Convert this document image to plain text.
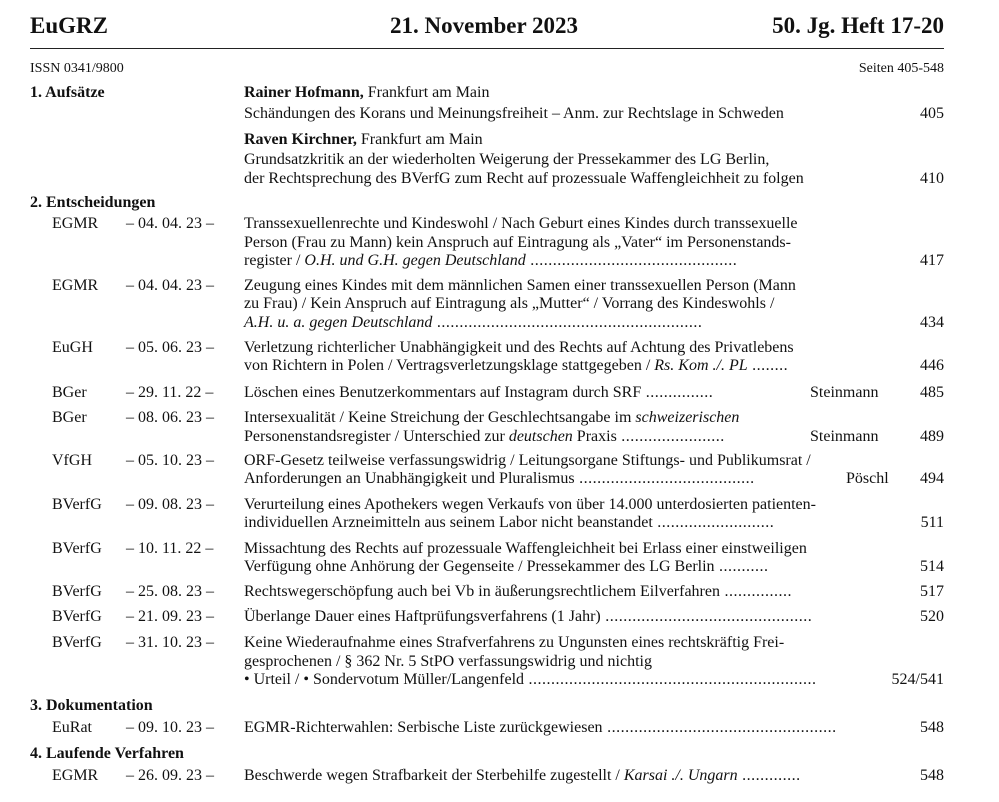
EuGRZ	21. November 2023	50. Jg. Heft 17-20
ISSN 0341/9800	Seiten 405-548
1. Aufsätze	Rainer Hofmann, Frankfurt am Main
Schändungen des Korans und Meinungsfreiheit – Anm. zur Rechtslage in Schweden	405
Raven Kirchner, Frankfurt am Main
Grundsatzkritik an der wiederholten Weigerung der Pressekammer des LG Berlin,
der Rechtsprechung des BVerfG zum Recht auf prozessuale Waffengleichheit zu folgen	410
2. Entscheidungen
EGMR – 04. 04. 23 – Transsexuellenrechte und Kindeswohl / Nach Geburt eines Kindes durch transsexuelle
Person (Frau zu Mann) kein Anspruch auf Eintragung als „Vater“ im Personenstands-
register / O.H. und G.H. gegen Deutschland ..............................................	417
EGMR – 04. 04. 23 – Zeugung eines Kindes mit dem männlichen Samen einer transsexuellen Person (Mann
zu Frau) / Kein Anspruch auf Eintragung als „Mutter“ / Vorrang des Kindeswohls /
A.H. u. a. gegen Deutschland ...........................................................	434
EuGH – 05. 06. 23 – Verletzung richterlicher Unabhängigkeit und des Rechts auf Achtung des Privatlebens
von Richtern in Polen / Vertragsverletzungsklage stattgegeben / Rs. Kom ./. PL ........	446
BGer – 29. 11. 22 – Löschen eines Benutzerkommentars auf Instagram durch SRF ...............	Steinmann	485
BGer – 08. 06. 23 – Intersexualität / Keine Streichung der Geschlechtsangabe im schweizerischen
Personenstandsregister / Unterschied zur deutschen Praxis .......................	Steinmann	489
VfGH – 05. 10. 23 – ORF-Gesetz teilweise verfassungswidrig / Leitungsorgane Stiftungs- und Publikumsrat /
Anforderungen an Unabhängigkeit und Pluralismus .......................................	Pöschl 494
BVerfG – 09. 08. 23 – Verurteilung eines Apothekers wegen Verkaufs von über 14.000 unterdosierten patienten-
individuellen Arzneimitteln aus seinem Labor nicht beanstandet ..........................	511
BVerfG – 10. 11. 22 – Missachtung des Rechts auf prozessuale Waffengleichheit bei Erlass einer einstweiligen
Verfügung ohne Anhörung der Gegenseite / Pressekammer des LG Berlin ...........	514
BVerfG – 25. 08. 23 – Rechtswegerschöpfung auch bei Vb in äußerungsrechtlichem Eilverfahren ...............	517
BVerfG – 21. 09. 23 – Überlange Dauer eines Haftprüfungsverfahrens (1 Jahr) ..............................................	520
BVerfG – 31. 10. 23 – Keine Wiederaufnahme eines Strafverfahrens zu Ungunsten eines rechtskräftig Frei-
gesprochenen / § 362 Nr. 5 StPO verfassungswidrig und nichtig
• Urteil / • Sondervotum Müller/Langenfeld ................................................................	524/541
3. Dokumentation
EuRat – 09. 10. 23 – EGMR-Richterwahlen: Serbische Liste zurückgewiesen ...................................................	548
4. Laufende Verfahren
EGMR – 26. 09. 23 – Beschwerde wegen Strafbarkeit der Sterbehilfe zugestellt / Karsai ./. Ungarn .............	548
